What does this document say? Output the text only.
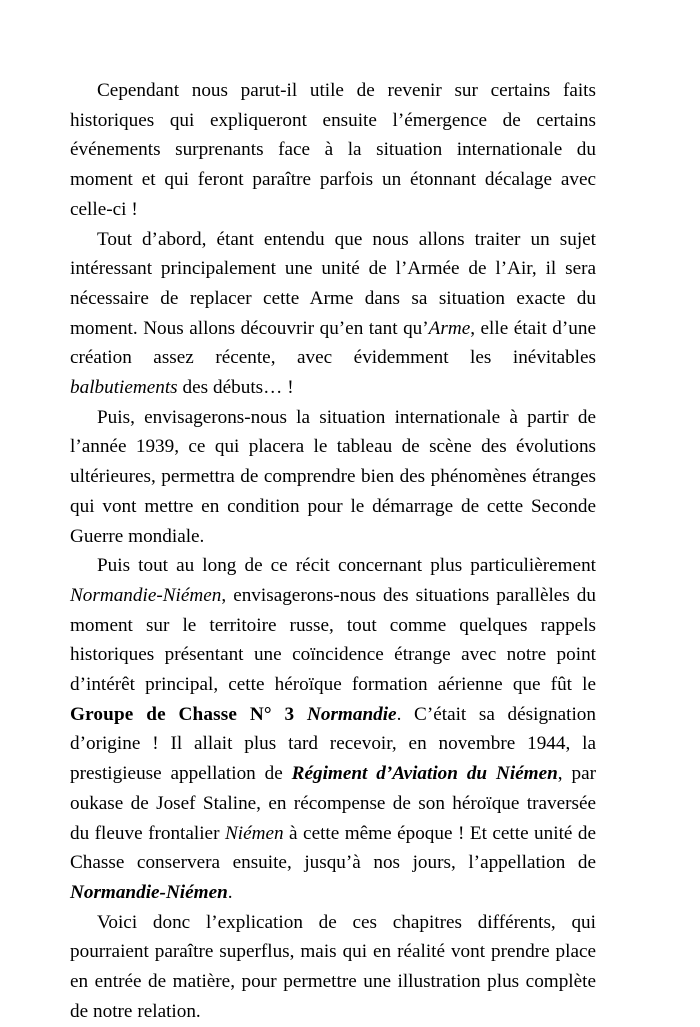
Cependant nous parut-il utile de revenir sur certains faits historiques qui expliqueront ensuite l’émergence de certains événements surprenants face à la situation internationale du moment et qui feront paraître parfois un étonnant décalage avec celle-ci !

Tout d’abord, étant entendu que nous allons traiter un sujet intéressant principalement une unité de l’Armée de l’Air, il sera nécessaire de replacer cette Arme dans sa situation exacte du moment. Nous allons découvrir qu’en tant qu’Arme, elle était d’une création assez récente, avec évidemment les inévitables balbutiements des débuts… !

Puis, envisagerons-nous la situation internationale à partir de l’année 1939, ce qui placera le tableau de scène des évolutions ultérieures, permettra de comprendre bien des phénomènes étranges qui vont mettre en condition pour le démarrage de cette Seconde Guerre mondiale.

Puis tout au long de ce récit concernant plus particulièrement Normandie-Niémen, envisagerons-nous des situations parallèles du moment sur le territoire russe, tout comme quelques rappels historiques présentant une coïncidence étrange avec notre point d’intérêt principal, cette héroïque formation aérienne que fût le Groupe de Chasse N° 3 Normandie. C’était sa désignation d’origine ! Il allait plus tard recevoir, en novembre 1944, la prestigieuse appellation de Régiment d’Aviation du Niémen, par oukase de Josef Staline, en récompense de son héroïque traversée du fleuve frontalier Niémen à cette même époque ! Et cette unité de Chasse conservera ensuite, jusqu’à nos jours, l’appellation de Normandie-Niémen.

Voici donc l’explication de ces chapitres différents, qui pourraient paraître superflus, mais qui en réalité vont prendre place en entrée de matière, pour permettre une illustration plus complète de notre relation.
